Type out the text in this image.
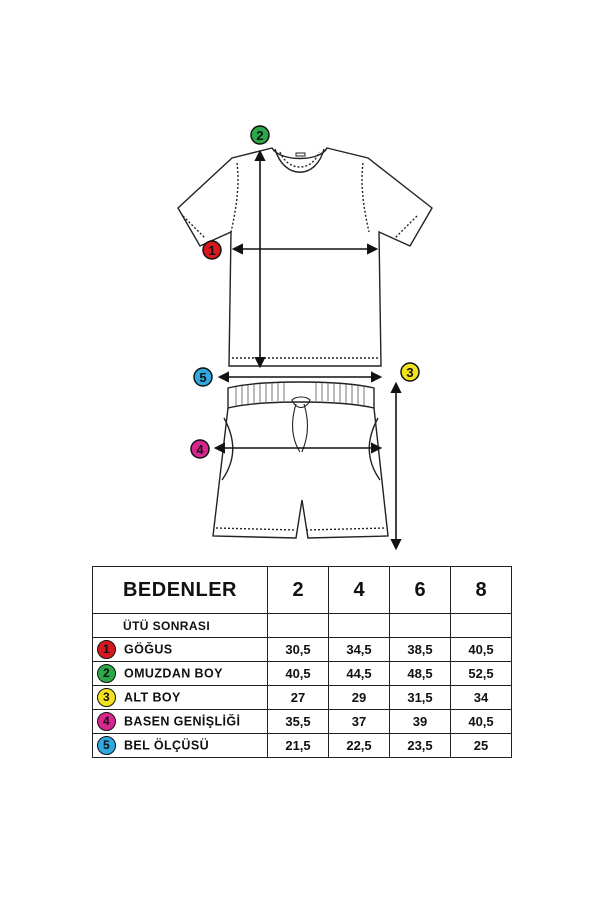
1
2
3
4
5
BEDENLER	2	4	6	8
ÜTÜ SONRASI				
1 GÖĞUS	30,5	34,5	38,5	40,5
2 OMUZDAN BOY	40,5	44,5	48,5	52,5
3 ALT BOY	27	29	31,5	34
4 BASEN GENİŞLİĞİ	35,5	37	39	40,5
5 BEL ÖLÇÜSÜ	21,5	22,5	23,5	25
